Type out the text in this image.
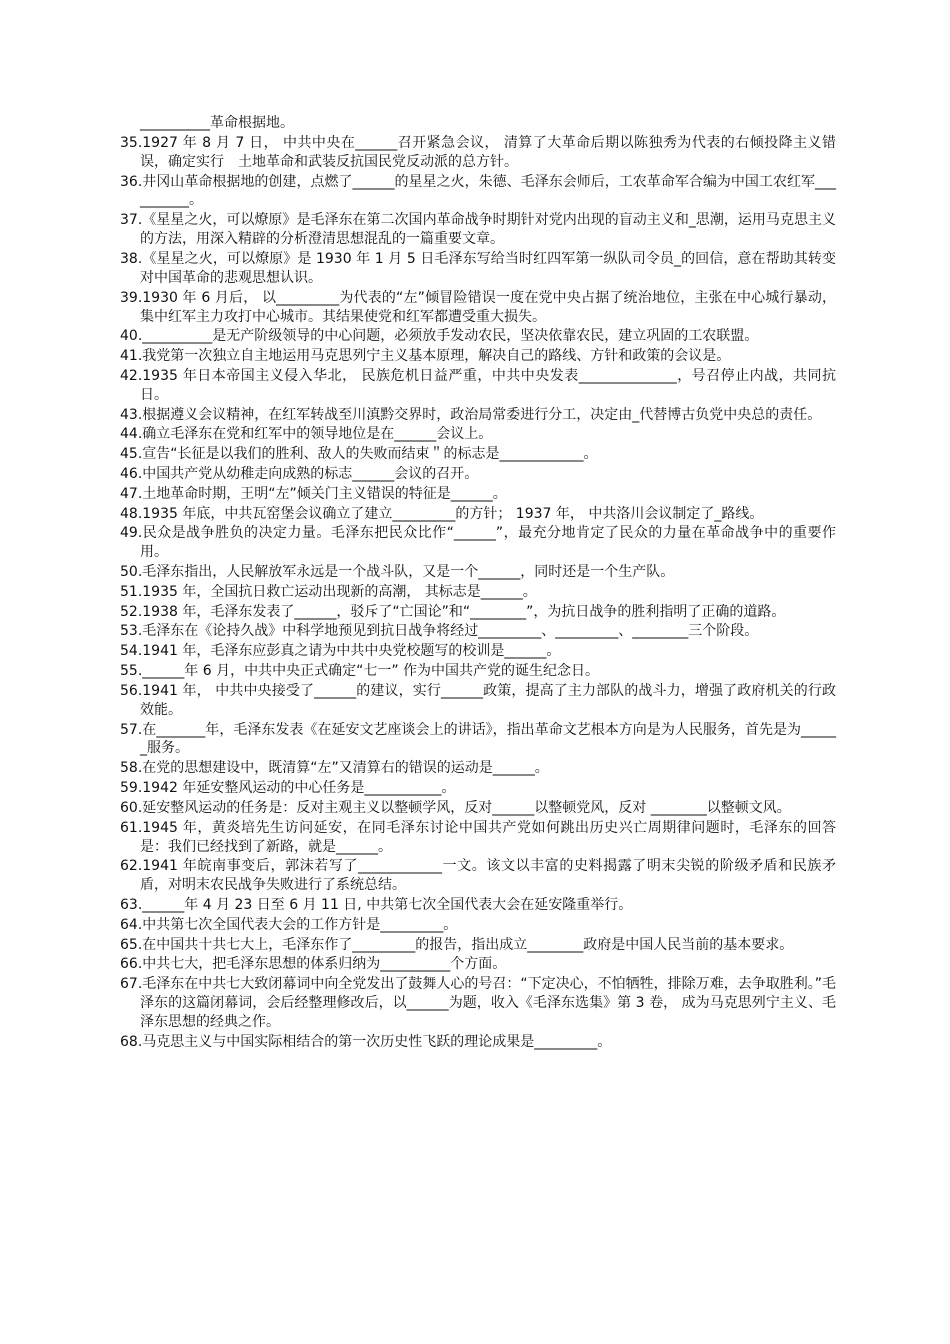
__________革命根据地。

35.1927 年 8 月 7 日， 中共中央在______召开紧急会议， 清算了大革命后期以陈独秀为代表的右倾投降主义错误，确定实行　土地革命和武装反抗国民党反动派的总方针。

36.井冈山革命根据地的创建，点燃了______的星星之火，朱德、毛泽东会师后，工农革命军合编为中国工农红军__________。

37.《星星之火，可以燎原》是毛泽东在第二次国内革命战争时期针对党内出现的盲动主义和_思潮，运用马克思主义的方法，用深入精辟的分析澄清思想混乱的一篇重要文章。

38.《星星之火，可以燎原》是 1930 年 1 月 5 日毛泽东写给当时红四军第一纵队司令员_的回信，意在帮助其转变对中国革命的悲观思想认识。

39.1930 年 6 月后， 以_________为代表的“左”倾冒险错误一度在党中央占据了统治地位，主张在中心城行暴动，集中红军主力攻打中心城市。其结果使党和红军都遭受重大损失。

40.__________是无产阶级领导的中心问题，必须放手发动农民，坚决依靠农民，建立巩固的工农联盟。

41.我党第一次独立自主地运用马克思列宁主义基本原理，解决自己的路线、方针和政策的会议是。

42.1935 年日本帝国主义侵入华北， 民族危机日益严重，中共中央发表______________，号召停止内战，共同抗日。

43.根据遵义会议精神，在红军转战至川滇黔交界时，政治局常委进行分工，决定由_代替博古负党中央总的责任。

44.确立毛泽东在党和红军中的领导地位是在______会议上。

45.宣告“长征是以我们的胜利、敌人的失败而结束＂的标志是____________。

46.中国共产党从幼稚走向成熟的标志______会议的召开。

47.土地革命时期，王明“左”倾关门主义错误的特征是______。

48.1935 年底，中共瓦窑堡会议确立了建立_________的方针； 1937 年， 中共洛川会议制定了_路线。

49.民众是战争胜负的决定力量。毛泽东把民众比作“______”，最充分地肯定了民众的力量在革命战争中的重要作用。

50.毛泽东指出，人民解放军永远是一个战斗队，又是一个______，同时还是一个生产队。

51.1935 年，全国抗日救亡运动出现新的高潮， 其标志是______。

52.1938 年，毛泽东发表了______，驳斥了“亡国论”和“________”，为抗日战争的胜利指明了正确的道路。

53.毛泽东在《论持久战》中科学地预见到抗日战争将经过_________、_________、________三个阶段。

54.1941 年，毛泽东应彭真之请为中共中央党校题写的校训是______。

55.______年 6 月，中共中央正式确定“七一” 作为中国共产党的诞生纪念日。

56.1941 年， 中共中央接受了______的建议，实行______政策，提高了主力部队的战斗力，增强了政府机关的行政效能。

57.在_______年，毛泽东发表《在延安文艺座谈会上的讲话》，指出革命文艺根本方向是为人民服务，首先是为______服务。

58.在党的思想建设中，既清算“左”又清算右的错误的运动是______。

59.1942 年延安整风运动的中心任务是___________。

60.延安整风运动的任务是：反对主观主义以整顿学风，反对______以整顿党风，反对 ________以整顿文风。

61.1945 年，黄炎培先生访问延安，在同毛泽东讨论中国共产党如何跳出历史兴亡周期律问题时，毛泽东的回答是：我们已经找到了新路，就是______。

62.1941 年皖南事变后，郭沫若写了____________一文。该文以丰富的史料揭露了明末尖锐的阶级矛盾和民族矛盾，对明末农民战争失败进行了系统总结。

63.______年 4 月 23 日至 6 月 11 日, 中共第七次全国代表大会在延安隆重举行。

64.中共第七次全国代表大会的工作方针是_________。

65.在中国共十共七大上，毛泽东作了_________的报告，指出成立________政府是中国人民当前的基本要求。

66.中共七大，把毛泽东思想的体系归纳为__________个方面。

67.毛泽东在中共七大致闭幕词中向全党发出了鼓舞人心的号召：“下定决心，不怕牺牲，排除万难，去争取胜利。”毛泽东的这篇闭幕词，会后经整理修改后，以______为题，收入《毛泽东选集》第 3 卷， 成为马克思列宁主义、毛泽东思想的经典之作。

68.马克思主义与中国实际相结合的第一次历史性飞跃的理论成果是_________。
